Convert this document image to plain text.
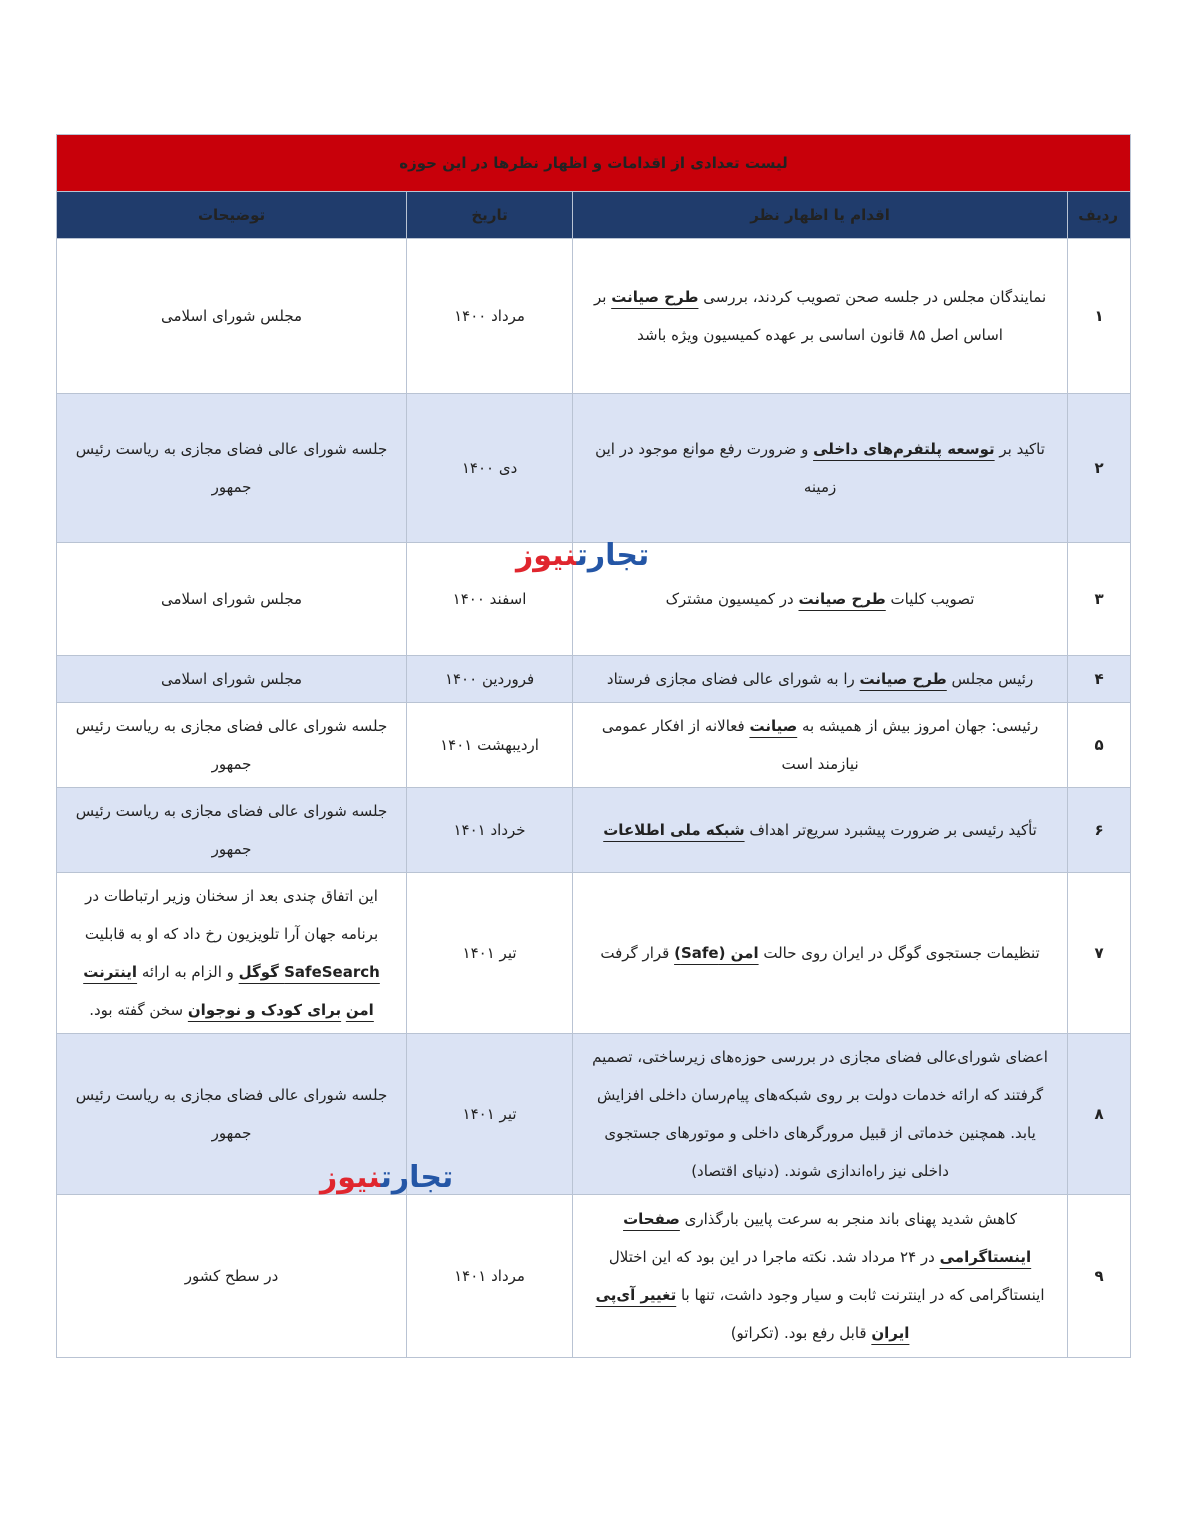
لیست تعدادی از اقدامات و اظهار نظرها در این حوزه			
ردیف	اقدام یا اظهار نظر	تاریخ	توضیحات
۱	نمایندگان مجلس در جلسه صحن تصویب کردند، بررسی طرح صیانت بر اساس اصل ۸۵ قانون اساسی بر عهده کمیسیون ویژه باشد	مرداد ۱۴۰۰	مجلس شورای اسلامی
۲	تاکید بر توسعه پلتفرم‌های داخلی و ضرورت رفع موانع موجود در این زمینه	دی ۱۴۰۰	جلسه شورای عالی فضای مجازی به ریاست رئیس جمهور
۳	تصویب کلیات طرح صیانت در کمیسیون مشترک	اسفند ۱۴۰۰	مجلس شورای اسلامی
۴	رئیس مجلس طرح صیانت را به شورای عالی فضای مجازی فرستاد	فروردین ۱۴۰۰	مجلس شورای اسلامی
۵	رئیسی: جهان امروز بیش از همیشه به صیانت فعالانه از افکار عمومی نیازمند است	اردیبهشت ۱۴۰۱	جلسه شورای عالی فضای مجازی به ریاست رئیس جمهور
۶	تأکید رئیسی بر ضرورت پیشبرد سریع‌تر اهداف شبکه ملی اطلاعات	خرداد ۱۴۰۱	جلسه شورای عالی فضای مجازی به ریاست رئیس جمهور
۷	تنظیمات جستجوی گوگل در ایران روی حالت امن (Safe) قرار گرفت	تیر ۱۴۰۱	این اتفاق چندی بعد از سخنان وزیر ارتباطات در برنامه جهان آرا تلویزیون رخ داد که او به قابلیت SafeSearch گوگل و الزام به ارائه اینترنت امن برای کودک و نوجوان سخن گفته بود.
۸	اعضای شورای‌عالی فضای مجازی در بررسی حوزه‌های زیرساختی، تصمیم گرفتند که ارائه خدمات دولت بر روی شبکه‌های پیام‌رسان داخلی افزایش یابد. همچنین خدماتی از قبیل مرورگرهای داخلی و موتورهای جستجوی داخلی نیز راه‌اندازی شوند. (دنیای اقتصاد)	تیر ۱۴۰۱	جلسه شورای عالی فضای مجازی به ریاست رئیس جمهور
۹	کاهش شدید پهنای باند منجر به سرعت پایین بارگذاری صفحات اینستاگرامی در ۲۴ مرداد شد. نکته ماجرا در این بود که این اختلال اینستاگرامی که در اینترنت ثابت و سیار وجود داشت، تنها با تغییر آی‌پی ایران قابل رفع بود. (تکراتو)	مرداد ۱۴۰۱	در سطح کشور
تجارتنیوز
تجارتنیوز
